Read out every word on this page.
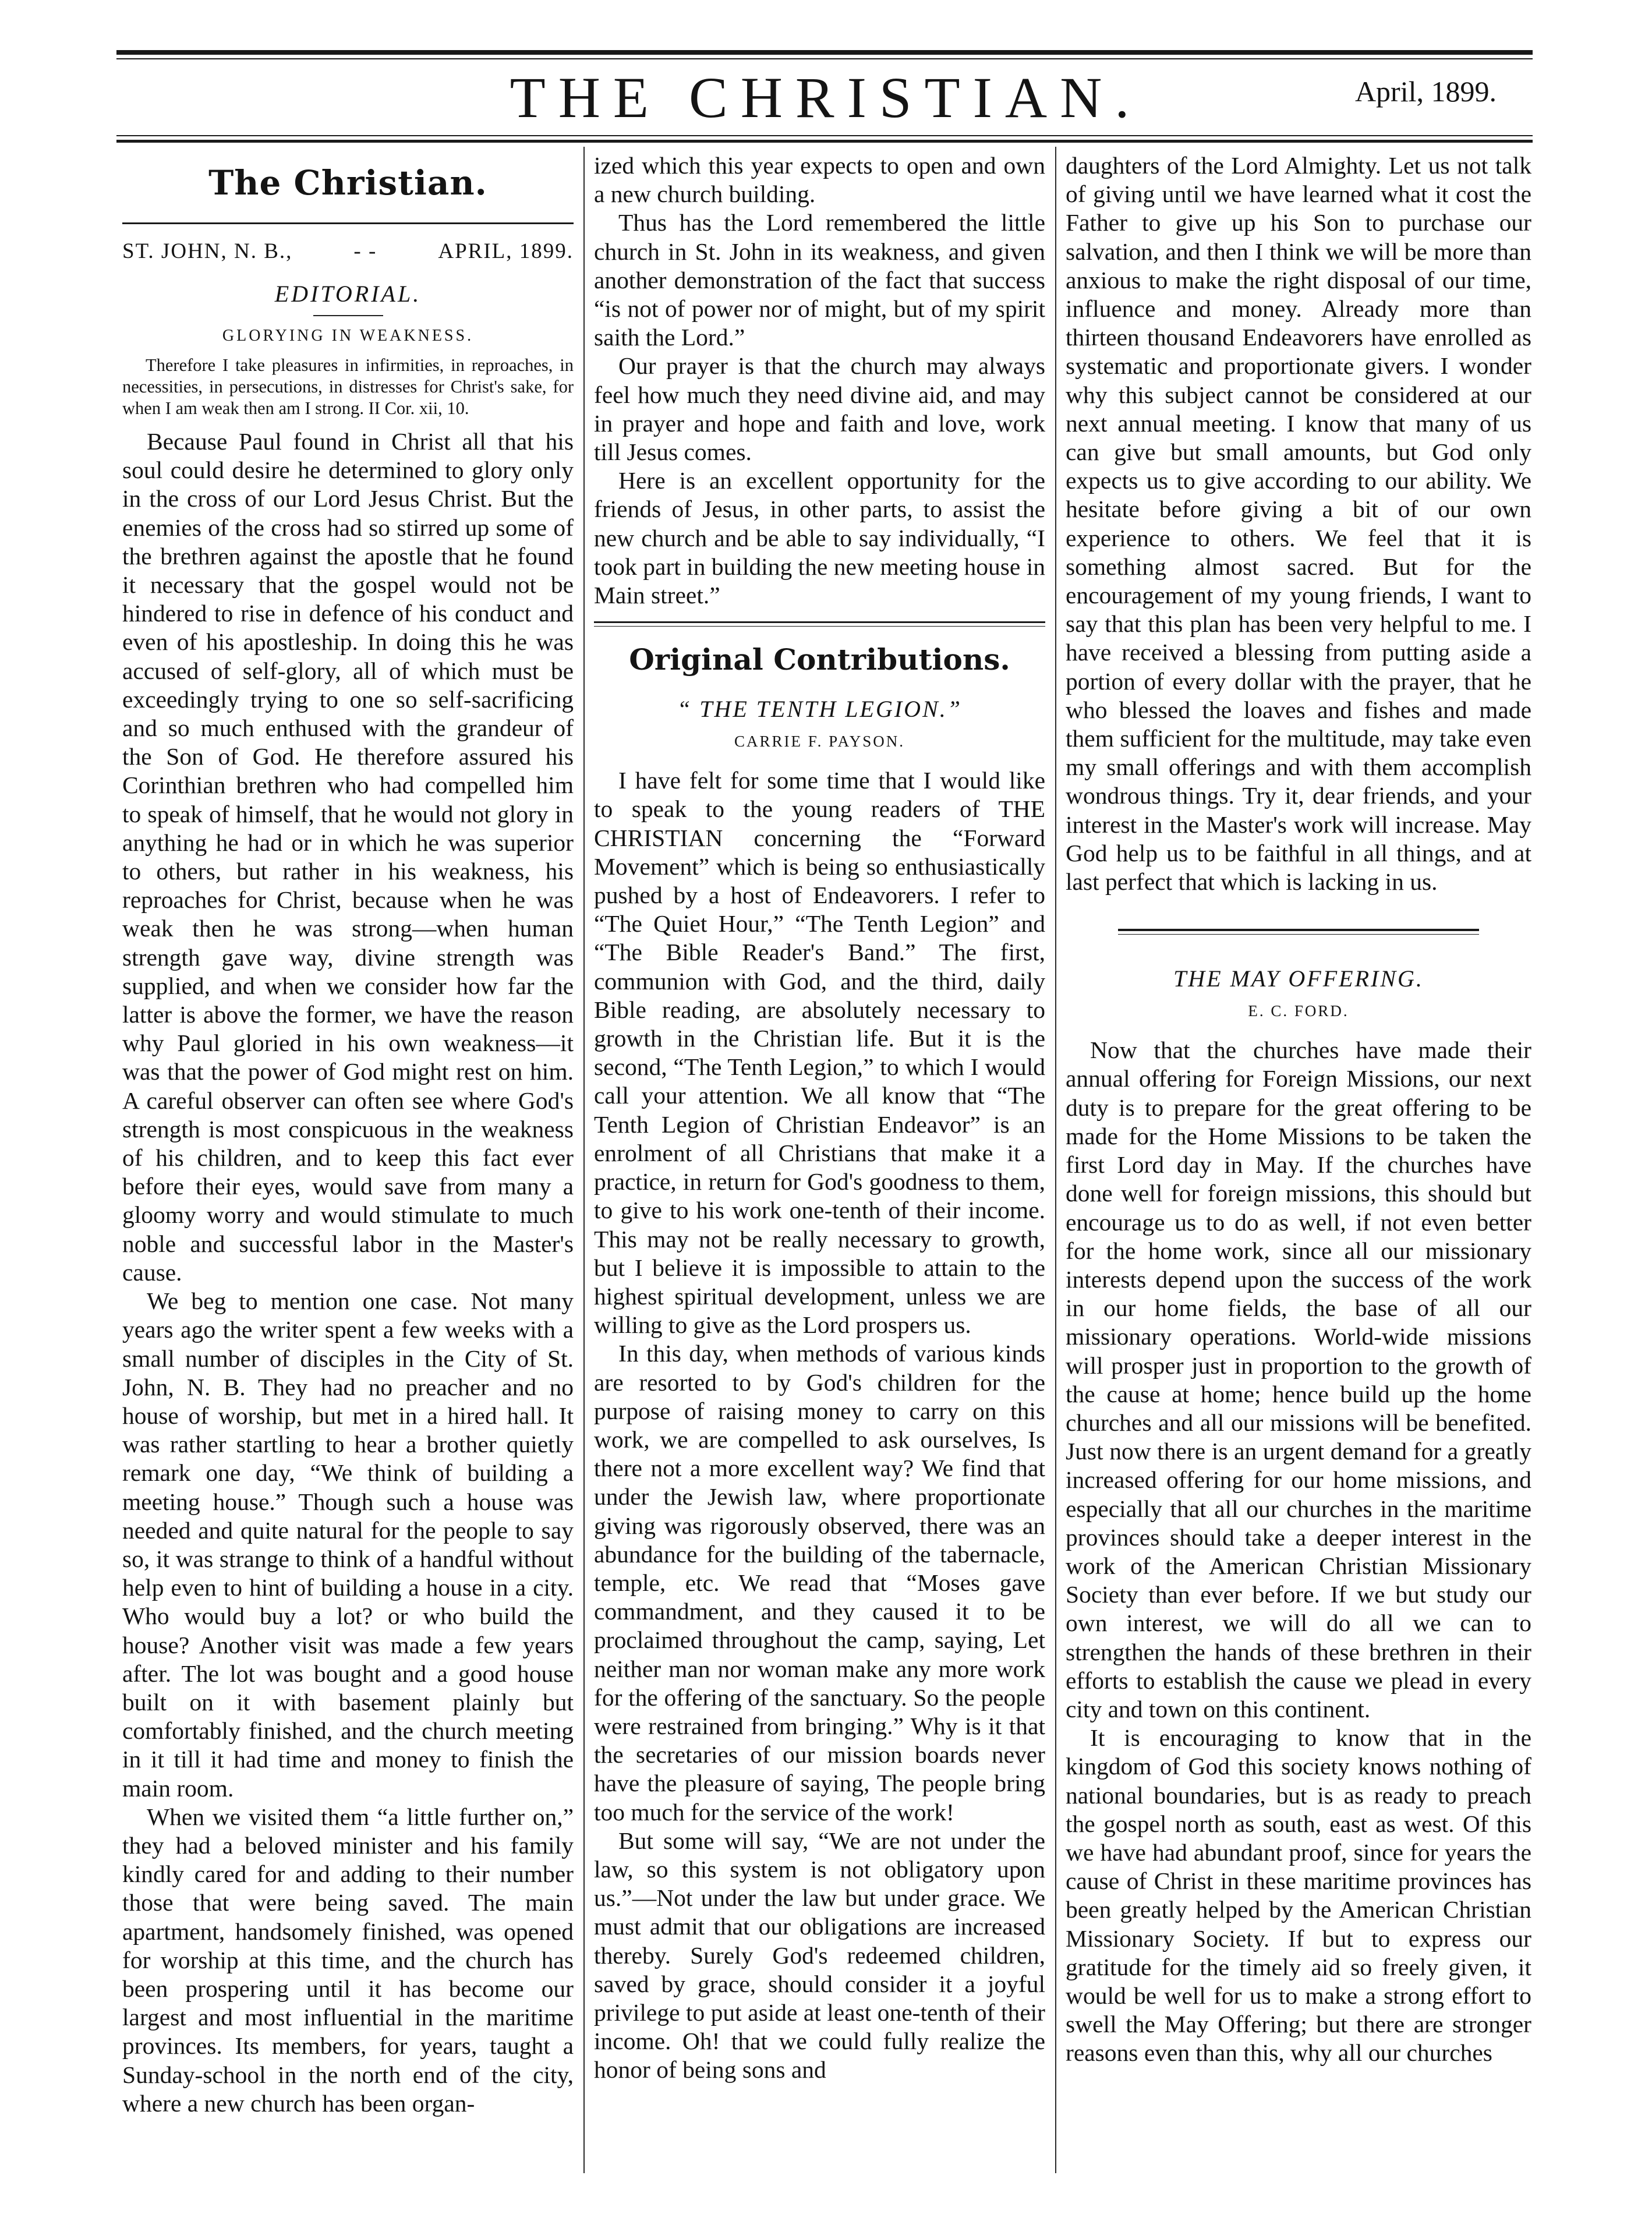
THE CHRISTIAN.	April, 1899.
The Christian.
ST. JOHN, N. B.,	- -	APRIL, 1899.
EDITORIAL.
GLORYING IN WEAKNESS.
Therefore I take pleasures in infirmities, in reproaches, in necessities, in persecutions, in distresses for Christ's sake, for when I am weak then am I strong. II Cor. xii, 10.

Because Paul found in Christ all that his soul could desire he determined to glory only in the cross of our Lord Jesus Christ. But the enemies of the cross had so stirred up some of the brethren against the apostle that he found it necessary that the gospel would not be hindered to rise in defence of his conduct and even of his apostleship. In doing this he was accused of self-glory, all of which must be exceedingly trying to one so self-sacrificing and so much enthused with the grandeur of the Son of God. He therefore assured his Corinthian brethren who had compelled him to speak of himself, that he would not glory in anything he had or in which he was superior to others, but rather in his weakness, his reproaches for Christ, because when he was weak then he was strong—when human strength gave way, divine strength was supplied, and when we consider how far the latter is above the former, we have the reason why Paul gloried in his own weakness—it was that the power of God might rest on him. A careful observer can often see where God's strength is most conspicuous in the weakness of his children, and to keep this fact ever before their eyes, would save from many a gloomy worry and would stimulate to much noble and successful labor in the Master's cause.

We beg to mention one case. Not many years ago the writer spent a few weeks with a small number of disciples in the City of St. John, N. B. They had no preacher and no house of worship, but met in a hired hall. It was rather startling to hear a brother quietly remark one day, “We think of building a meeting house.” Though such a house was needed and quite natural for the people to say so, it was strange to think of a handful without help even to hint of building a house in a city. Who would buy a lot? or who build the house? Another visit was made a few years after. The lot was bought and a good house built on it with basement plainly but comfortably finished, and the church meeting in it till it had time and money to finish the main room.

When we visited them “a little further on,” they had a beloved minister and his family kindly cared for and adding to their number those that were being saved. The main apartment, handsomely finished, was opened for worship at this time, and the church has been prospering until it has become our largest and most influential in the maritime provinces. Its members, for years, taught a Sunday-school in the north end of the city, where a new church has been organ-

ized which this year expects to open and own a new church building.

Thus has the Lord remembered the little church in St. John in its weakness, and given another demonstration of the fact that success “is not of power nor of might, but of my spirit saith the Lord.”

Our prayer is that the church may always feel how much they need divine aid, and may in prayer and hope and faith and love, work till Jesus comes.

Here is an excellent opportunity for the friends of Jesus, in other parts, to assist the new church and be able to say individually, “I took part in building the new meeting house in Main street.”

Original Contributions.
“ THE TENTH LEGION.”
CARRIE F. PAYSON.

I have felt for some time that I would like to speak to the young readers of THE CHRISTIAN concerning the “Forward Movement” which is being so enthusiastically pushed by a host of Endeavorers. I refer to “The Quiet Hour,” “The Tenth Legion” and “The Bible Reader's Band.” The first, communion with God, and the third, daily Bible reading, are absolutely necessary to growth in the Christian life. But it is the second, “The Tenth Legion,” to which I would call your attention. We all know that “The Tenth Legion of Christian Endeavor” is an enrolment of all Christians that make it a practice, in return for God's goodness to them, to give to his work one-tenth of their income. This may not be really necessary to growth, but I believe it is impossible to attain to the highest spiritual development, unless we are willing to give as the Lord prospers us.

In this day, when methods of various kinds are resorted to by God's children for the purpose of raising money to carry on this work, we are compelled to ask ourselves, Is there not a more excellent way? We find that under the Jewish law, where proportionate giving was rigorously observed, there was an abundance for the building of the tabernacle, temple, etc. We read that “Moses gave commandment, and they caused it to be proclaimed throughout the camp, saying, Let neither man nor woman make any more work for the offering of the sanctuary. So the people were restrained from bringing.” Why is it that the secretaries of our mission boards never have the pleasure of saying, The people bring too much for the service of the work!

But some will say, “We are not under the law, so this system is not obligatory upon us.”—Not under the law but under grace. We must admit that our obligations are increased thereby. Surely God's redeemed children, saved by grace, should consider it a joyful privilege to put aside at least one-tenth of their income. Oh! that we could fully realize the honor of being sons and

daughters of the Lord Almighty. Let us not talk of giving until we have learned what it cost the Father to give up his Son to purchase our salvation, and then I think we will be more than anxious to make the right disposal of our time, influence and money. Already more than thirteen thousand Endeavorers have enrolled as systematic and proportionate givers. I wonder why this subject cannot be considered at our next annual meeting. I know that many of us can give but small amounts, but God only expects us to give according to our ability. We hesitate before giving a bit of our own experience to others. We feel that it is something almost sacred. But for the encouragement of my young friends, I want to say that this plan has been very helpful to me. I have received a blessing from putting aside a portion of every dollar with the prayer, that he who blessed the loaves and fishes and made them sufficient for the multitude, may take even my small offerings and with them accomplish wondrous things. Try it, dear friends, and your interest in the Master's work will increase. May God help us to be faithful in all things, and at last perfect that which is lacking in us.

THE MAY OFFERING.
E. C. FORD.

Now that the churches have made their annual offering for Foreign Missions, our next duty is to prepare for the great offering to be made for the Home Missions to be taken the first Lord day in May. If the churches have done well for foreign missions, this should but encourage us to do as well, if not even better for the home work, since all our missionary interests depend upon the success of the work in our home fields, the base of all our missionary operations. World-wide missions will prosper just in proportion to the growth of the cause at home; hence build up the home churches and all our missions will be benefited. Just now there is an urgent demand for a greatly increased offering for our home missions, and especially that all our churches in the maritime provinces should take a deeper interest in the work of the American Christian Missionary Society than ever before. If we but study our own interest, we will do all we can to strengthen the hands of these brethren in their efforts to establish the cause we plead in every city and town on this continent.

It is encouraging to know that in the kingdom of God this society knows nothing of national boundaries, but is as ready to preach the gospel north as south, east as west. Of this we have had abundant proof, since for years the cause of Christ in these maritime provinces has been greatly helped by the American Christian Missionary Society. If but to express our gratitude for the timely aid so freely given, it would be well for us to make a strong effort to swell the May Offering; but there are stronger reasons even than this, why all our churches
